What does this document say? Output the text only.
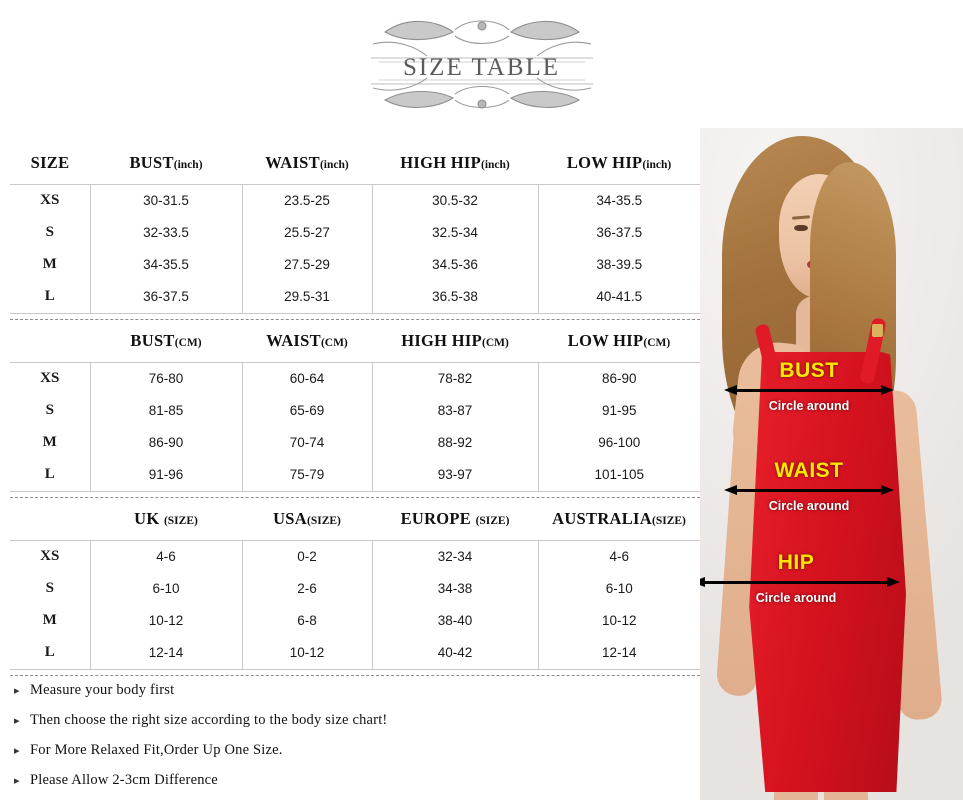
SIZE TABLE
SIZE	BUST(inch)	WAIST(inch)	HIGH HIP(inch)	LOW HIP(inch)
XS	30-31.5	23.5-25	30.5-32	34-35.5
S	32-33.5	25.5-27	32.5-34	36-37.5
M	34-35.5	27.5-29	34.5-36	38-39.5
L	36-37.5	29.5-31	36.5-38	40-41.5
	BUST(CM)	WAIST(CM)	HIGH HIP(CM)	LOW HIP(CM)
XS	76-80	60-64	78-82	86-90
S	81-85	65-69	83-87	91-95
M	86-90	70-74	88-92	96-100
L	91-96	75-79	93-97	101-105
	UK (SIZE)	USA(SIZE)	EUROPE (SIZE)	AUSTRALIA(SIZE)
XS	4-6	0-2	32-34	4-6
S	6-10	2-6	34-38	6-10
M	10-12	6-8	38-40	10-12
L	12-14	10-12	40-42	12-14
▸ Measure your body first
▸ Then choose the right size according to the body size chart!
▸ For More Relaxed Fit,Order Up One Size.
▸ Please Allow 2-3cm Difference
BUST
Circle around
WAIST
Circle around
HIP
Circle around
